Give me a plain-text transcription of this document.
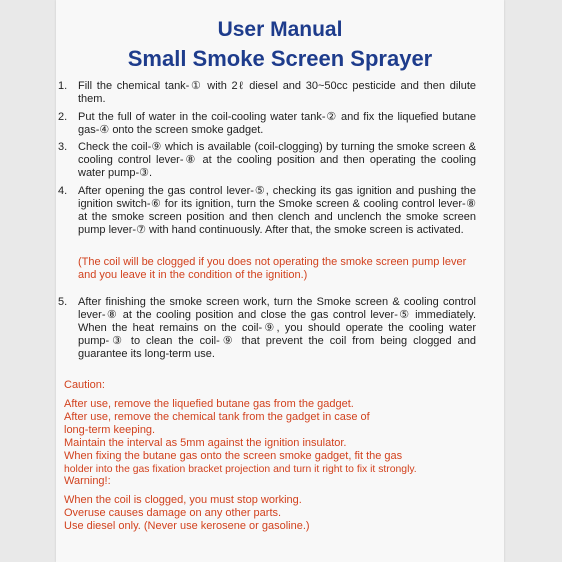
User Manual
Small Smoke Screen Sprayer
1. Fill the chemical tank-① with 2ℓ diesel and 30~50cc pesticide and then dilute them.
2. Put the full of water in the coil-cooling water tank-② and fix the liquefied butane gas-④ onto the screen smoke gadget.
3. Check the coil-⑨ which is available (coil-clogging) by turning the smoke screen & cooling control lever-⑧ at the cooling position and then operating the cooling water pump-③.
4. After opening the gas control lever-⑤, checking its gas ignition and pushing the ignition switch-⑥ for its ignition, turn the Smoke screen & cooling control lever-⑧ at the smoke screen position and then clench and unclench the smoke screen pump lever-⑦ with hand continuously. After that, the smoke screen is activated.
(The coil will be clogged if you does not operating the smoke screen pump lever and you leave it in the condition of the ignition.)
5. After finishing the smoke screen work, turn the Smoke screen & cooling control lever-⑧ at the cooling position and close the gas control lever-⑤ immediately. When the heat remains on the coil-⑨, you should operate the cooling water pump-③ to clean the coil-⑨ that prevent the coil from being clogged and guarantee its long-term use.

Caution:

After use, remove the liquefied butane gas from the gadget.

After use, remove the chemical tank from the gadget in case of

long-term keeping.

Maintain the interval as 5mm against the ignition insulator.

When fixing the butane gas onto the screen smoke gadget, fit the gas

holder into the gas fixation bracket projection and turn it right to fix it strongly.

Warning!:

When the coil is clogged, you must stop working.

Overuse causes damage on any other parts.

Use diesel only. (Never use kerosene or gasoline.)
